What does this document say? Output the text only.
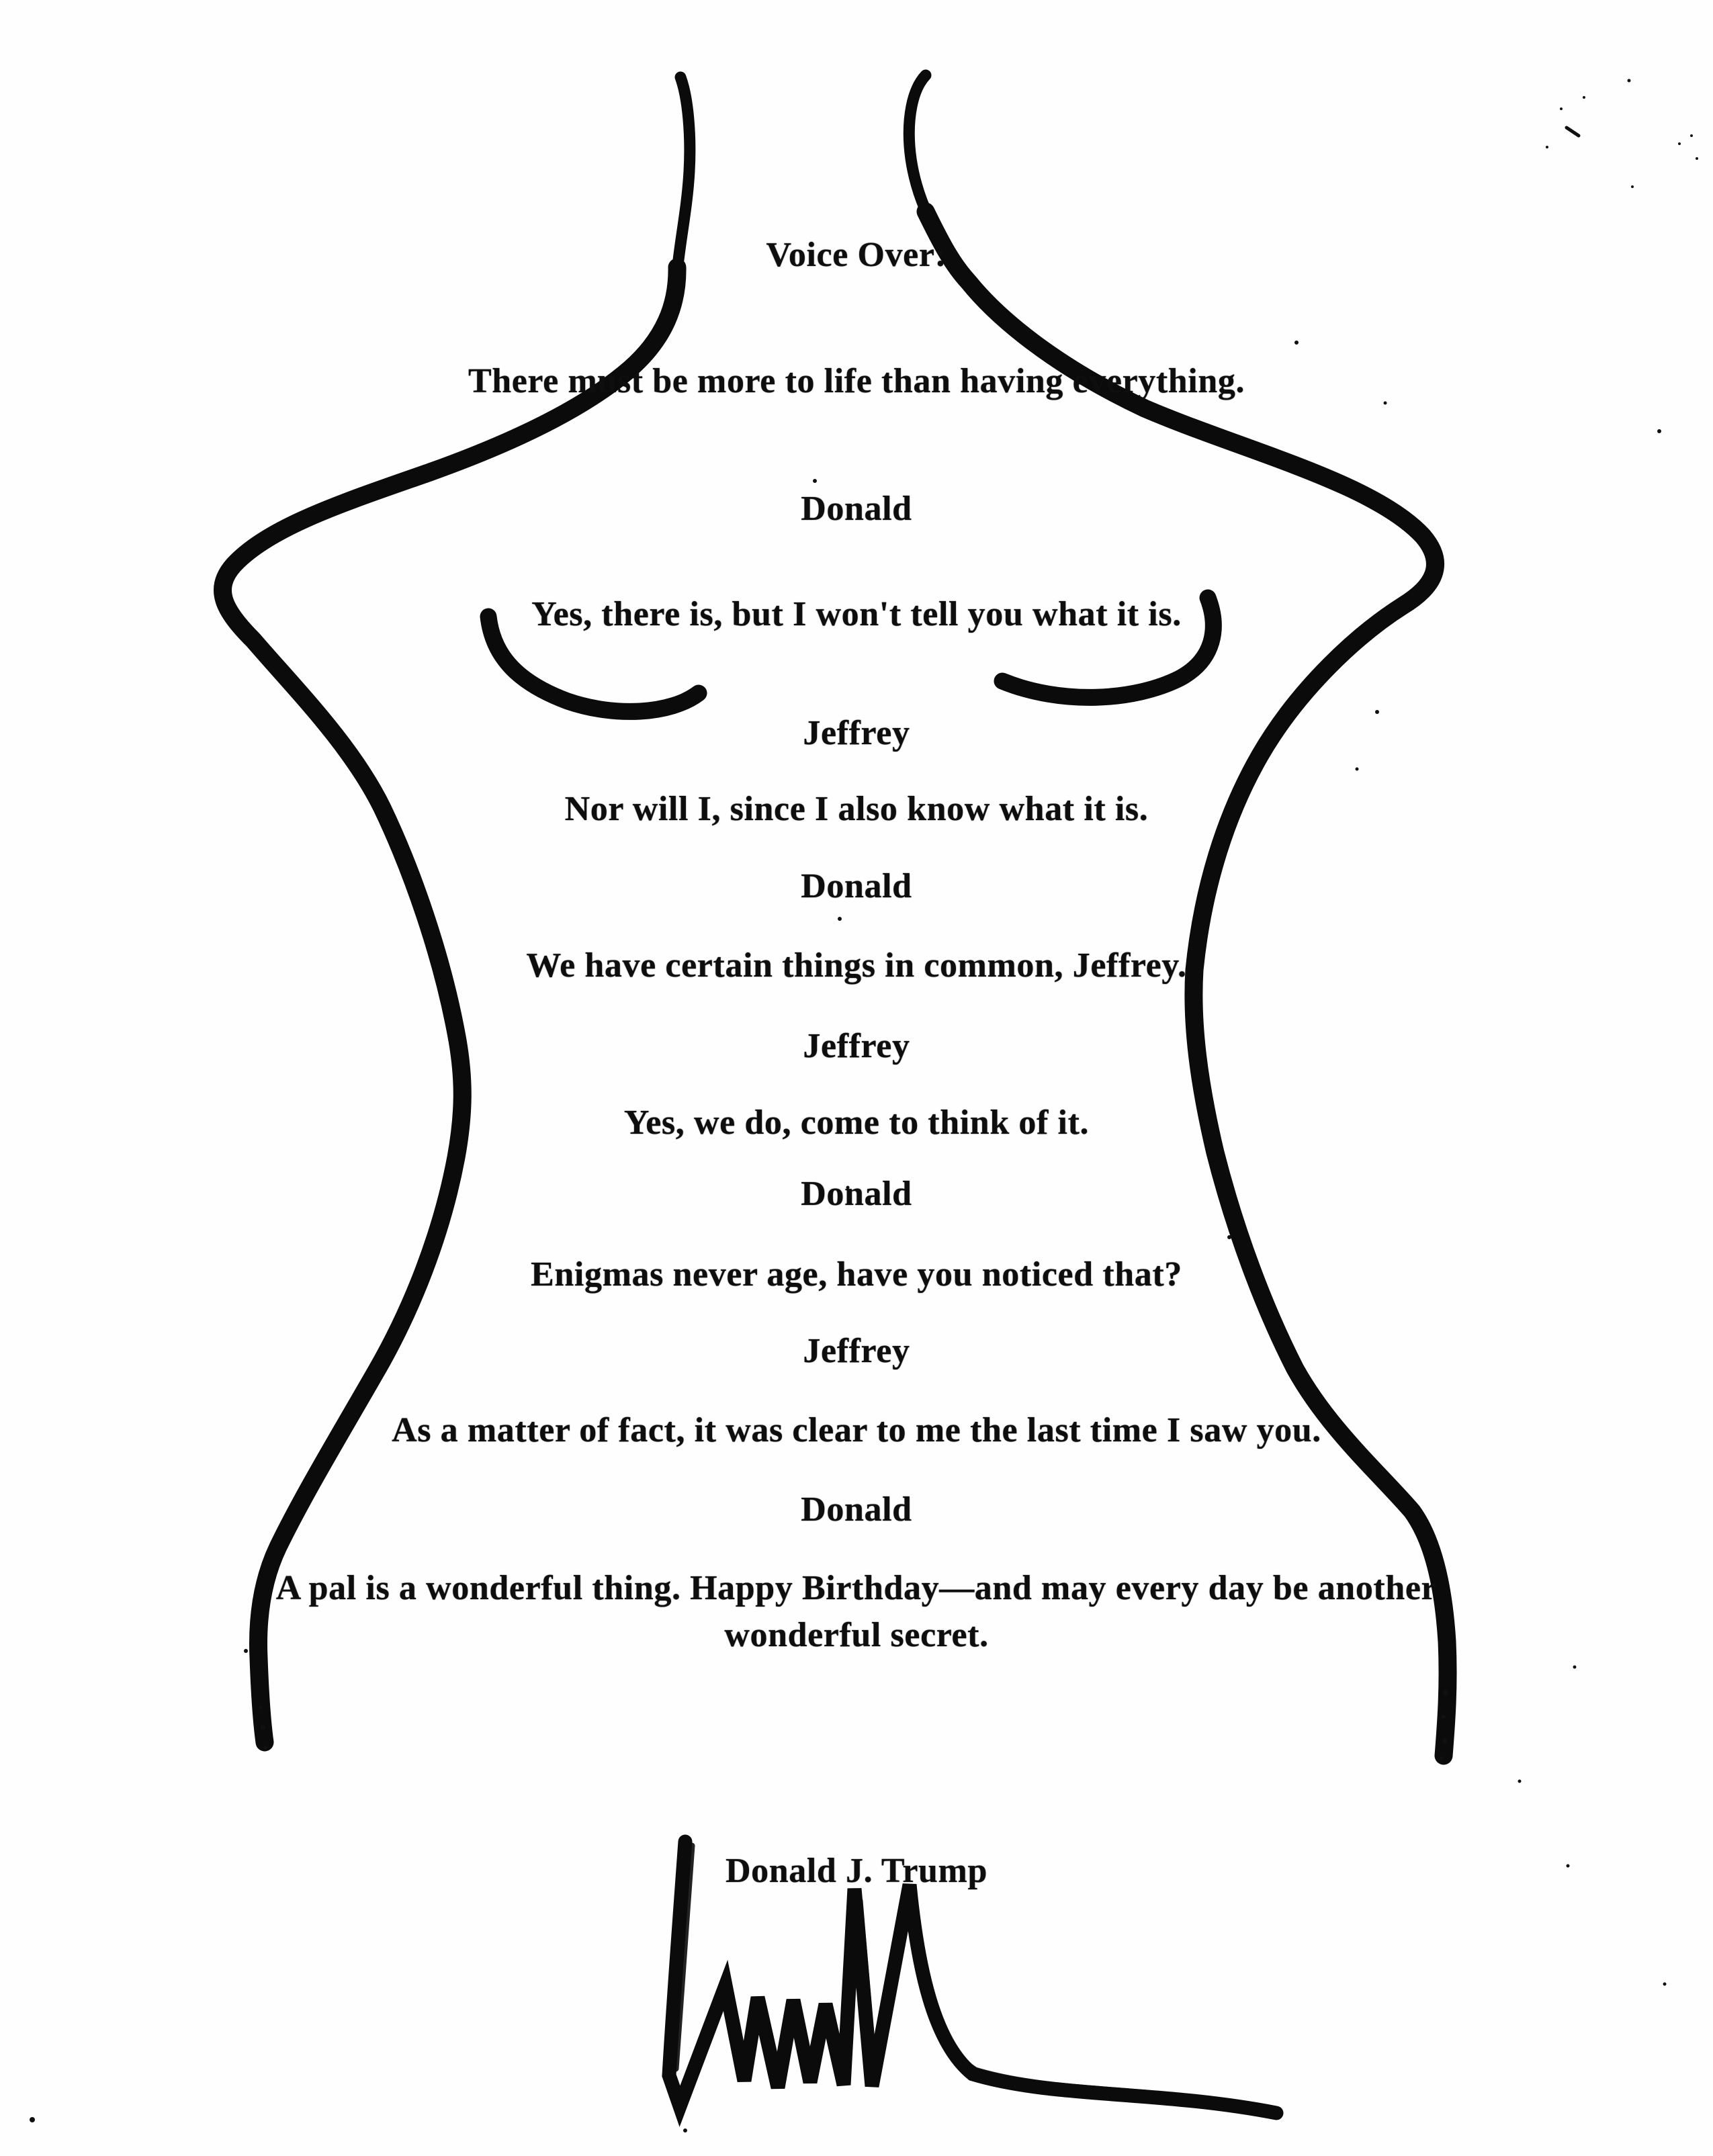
Voice Over:
There must be more to life than having everything.
Donald
Yes, there is, but I won't tell you what it is.
Jeffrey
Nor will I, since I also know what it is.
Donald
We have certain things in common, Jeffrey.
Jeffrey
Yes, we do, come to think of it.
Donald
Enigmas never age, have you noticed that?
Jeffrey
As a matter of fact, it was clear to me the last time I saw you.
Donald
A pal is a wonderful thing. Happy Birthday—and may every day be another
wonderful secret.
Donald J. Trump
